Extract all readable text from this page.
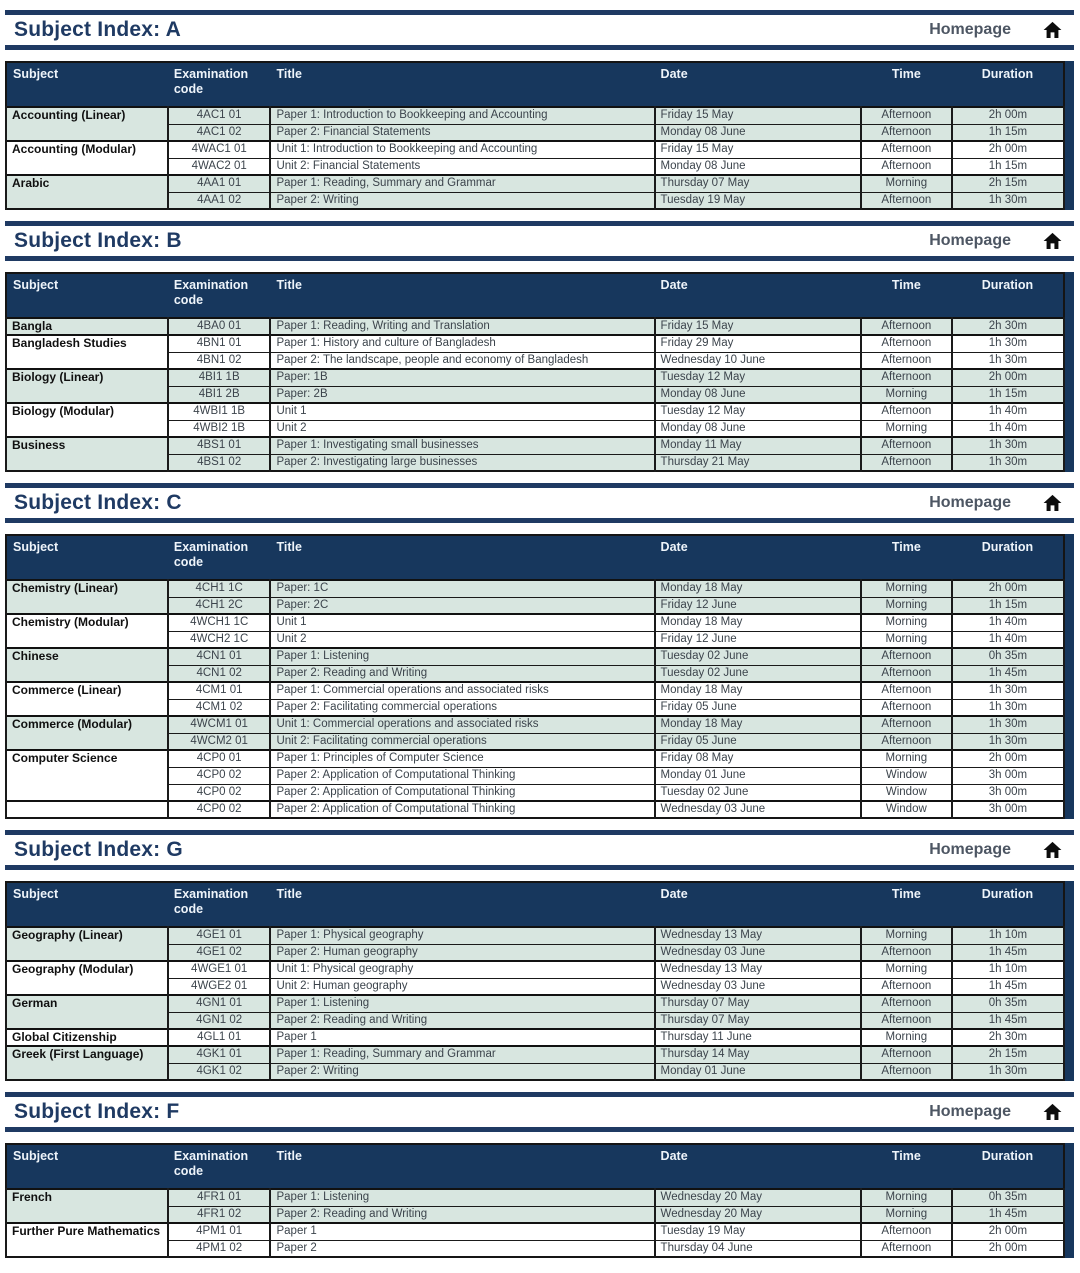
Subject Index: A	Homepage
Subject	Examination code	Title	Date	Time	Duration
Accounting (Linear)	4AC1 01	Paper 1: Introduction to Bookkeeping and Accounting	Friday 15 May	Afternoon	2h 00m
	4AC1 02	Paper 2: Financial Statements	Monday 08 June	Afternoon	1h 15m
Accounting (Modular)	4WAC1 01	Unit 1: Introduction to Bookkeeping and Accounting	Friday 15 May	Afternoon	2h 00m
	4WAC2 01	Unit 2: Financial Statements	Monday 08 June	Afternoon	1h 15m
Arabic	4AA1 01	Paper 1: Reading, Summary and Grammar	Thursday 07 May	Morning	2h 15m
	4AA1 02	Paper 2: Writing	Tuesday 19 May	Afternoon	1h 30m
Subject Index: B	Homepage
Subject	Examination code	Title	Date	Time	Duration
Bangla	4BA0 01	Paper 1: Reading, Writing and Translation	Friday 15 May	Afternoon	2h 30m
Bangladesh Studies	4BN1 01	Paper 1: History and culture of Bangladesh	Friday 29 May	Afternoon	1h 30m
	4BN1 02	Paper 2: The landscape, people and economy of Bangladesh	Wednesday 10 June	Afternoon	1h 30m
Biology (Linear)	4BI1 1B	Paper: 1B	Tuesday 12 May	Afternoon	2h 00m
	4BI1 2B	Paper: 2B	Monday 08 June	Morning	1h 15m
Biology (Modular)	4WBI1 1B	Unit 1	Tuesday 12 May	Afternoon	1h 40m
	4WBI2 1B	Unit 2	Monday 08 June	Morning	1h 40m
Business	4BS1 01	Paper 1: Investigating small businesses	Monday 11 May	Afternoon	1h 30m
	4BS1 02	Paper 2: Investigating large businesses	Thursday 21 May	Afternoon	1h 30m
Subject Index: C	Homepage
Subject	Examination code	Title	Date	Time	Duration
Chemistry (Linear)	4CH1 1C	Paper: 1C	Monday 18 May	Morning	2h 00m
	4CH1 2C	Paper: 2C	Friday 12 June	Morning	1h 15m
Chemistry (Modular)	4WCH1 1C	Unit 1	Monday 18 May	Morning	1h 40m
	4WCH2 1C	Unit 2	Friday 12 June	Morning	1h 40m
Chinese	4CN1 01	Paper 1: Listening	Tuesday 02 June	Afternoon	0h 35m
	4CN1 02	Paper 2: Reading and Writing	Tuesday 02 June	Afternoon	1h 45m
Commerce (Linear)	4CM1 01	Paper 1: Commercial operations and associated risks	Monday 18 May	Afternoon	1h 30m
	4CM1 02	Paper 2: Facilitating commercial operations	Friday 05 June	Afternoon	1h 30m
Commerce (Modular)	4WCM1 01	Unit 1: Commercial operations and associated risks	Monday 18 May	Afternoon	1h 30m
	4WCM2 01	Unit 2: Facilitating commercial operations	Friday 05 June	Afternoon	1h 30m
Computer Science	4CP0 01	Paper 1: Principles of Computer Science	Friday 08 May	Morning	2h 00m
	4CP0 02	Paper 2: Application of Computational Thinking	Monday 01 June	Window	3h 00m
	4CP0 02	Paper 2: Application of Computational Thinking	Tuesday 02 June	Window	3h 00m
	4CP0 02	Paper 2: Application of Computational Thinking	Wednesday 03 June	Window	3h 00m
Subject Index: G	Homepage
Subject	Examination code	Title	Date	Time	Duration
Geography (Linear)	4GE1 01	Paper 1: Physical geography	Wednesday 13 May	Morning	1h 10m
	4GE1 02	Paper 2: Human geography	Wednesday 03 June	Afternoon	1h 45m
Geography (Modular)	4WGE1 01	Unit 1: Physical geography	Wednesday 13 May	Morning	1h 10m
	4WGE2 01	Unit 2: Human geography	Wednesday 03 June	Afternoon	1h 45m
German	4GN1 01	Paper 1: Listening	Thursday 07 May	Afternoon	0h 35m
	4GN1 02	Paper 2: Reading and Writing	Thursday 07 May	Afternoon	1h 45m
Global Citizenship	4GL1 01	Paper 1	Thursday 11 June	Morning	2h 30m
Greek (First Language)	4GK1 01	Paper 1: Reading, Summary and Grammar	Thursday 14 May	Afternoon	2h 15m
	4GK1 02	Paper 2: Writing	Monday 01 June	Afternoon	1h 30m
Subject Index: F	Homepage
Subject	Examination code	Title	Date	Time	Duration
French	4FR1 01	Paper 1: Listening	Wednesday 20 May	Morning	0h 35m
	4FR1 02	Paper 2: Reading and Writing	Wednesday 20 May	Morning	1h 45m
Further Pure Mathematics	4PM1 01	Paper 1	Tuesday 19 May	Afternoon	2h 00m
	4PM1 02	Paper 2	Thursday 04 June	Afternoon	2h 00m
